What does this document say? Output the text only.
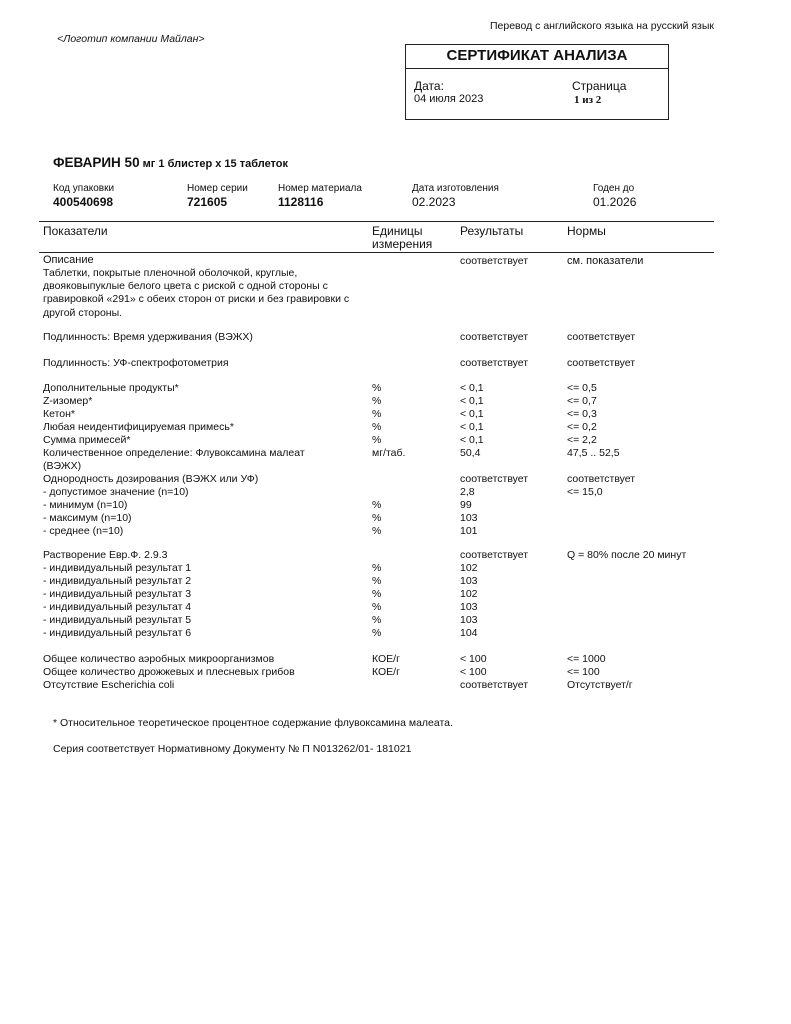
Перевод с английского языка на русский язык
<Логотип компании Майлан>
СЕРТИФИКАТ АНАЛИЗА
Дата:
04 июля 2023
Страница
1 из 2
ФЕВАРИН 50 мг 1 блистер х 15 таблеток
Код упаковки
400540698
Номер серии
721605
Номер материала
1128116
Дата изготовления
02.2023
Годен до
01.2026
Показатели	Единицы
измерения
Результаты	Нормы
Описание
Таблетки, покрытые пленочной оболочкой, круглые, двояковыпуклые белого цвета с риской с одной стороны с гравировкой «291» с обеих сторон от риски и без гравировки с другой стороны.
соответствует	см. показатели
Подлинность: Время удерживания (ВЭЖХ)	соответствует	соответствует
Подлинность: УФ-спектрофотометрия	соответствует	соответствует
Дополнительные продукты*	%	< 0,1	<= 0,5
Z-изомер*	%	< 0,1	<= 0,7
Кетон*	%	< 0,1	<= 0,3
Любая неидентифицируемая примесь*	%	< 0,1	<= 0,2
Сумма примесей*	%	< 0,1	<= 2,2
Количественное определение: Флувоксамина малеат	мг/таб.	50,4	47,5 .. 52,5
(ВЭЖХ)
Однородность дозирования (ВЭЖХ или УФ)	соответствует	соответствует
- допустимое значение (n=10)	2,8	<= 15,0
- минимум (n=10)	%	99
- максимум (n=10)	%	103
- среднее (n=10)	%	101
Растворение Евр.Ф. 2.9.3	соответствует	Q = 80% после 20 минут
- индивидуальный результат 1	%	102
- индивидуальный результат 2	%	103
- индивидуальный результат 3	%	102
- индивидуальный результат 4	%	103
- индивидуальный результат 5	%	103
- индивидуальный результат 6	%	104
Общее количество аэробных микроорганизмов	КОЕ/г	< 100	<= 1000
Общее количество дрожжевых и плесневых грибов	КОЕ/г	< 100	<= 100
Отсутствие Escherichia coli	соответствует	Отсутствует/г
* Относительное теоретическое процентное содержание флувоксамина малеата.
Серия соответствует Нормативному Документу № П N013262/01- 181021
